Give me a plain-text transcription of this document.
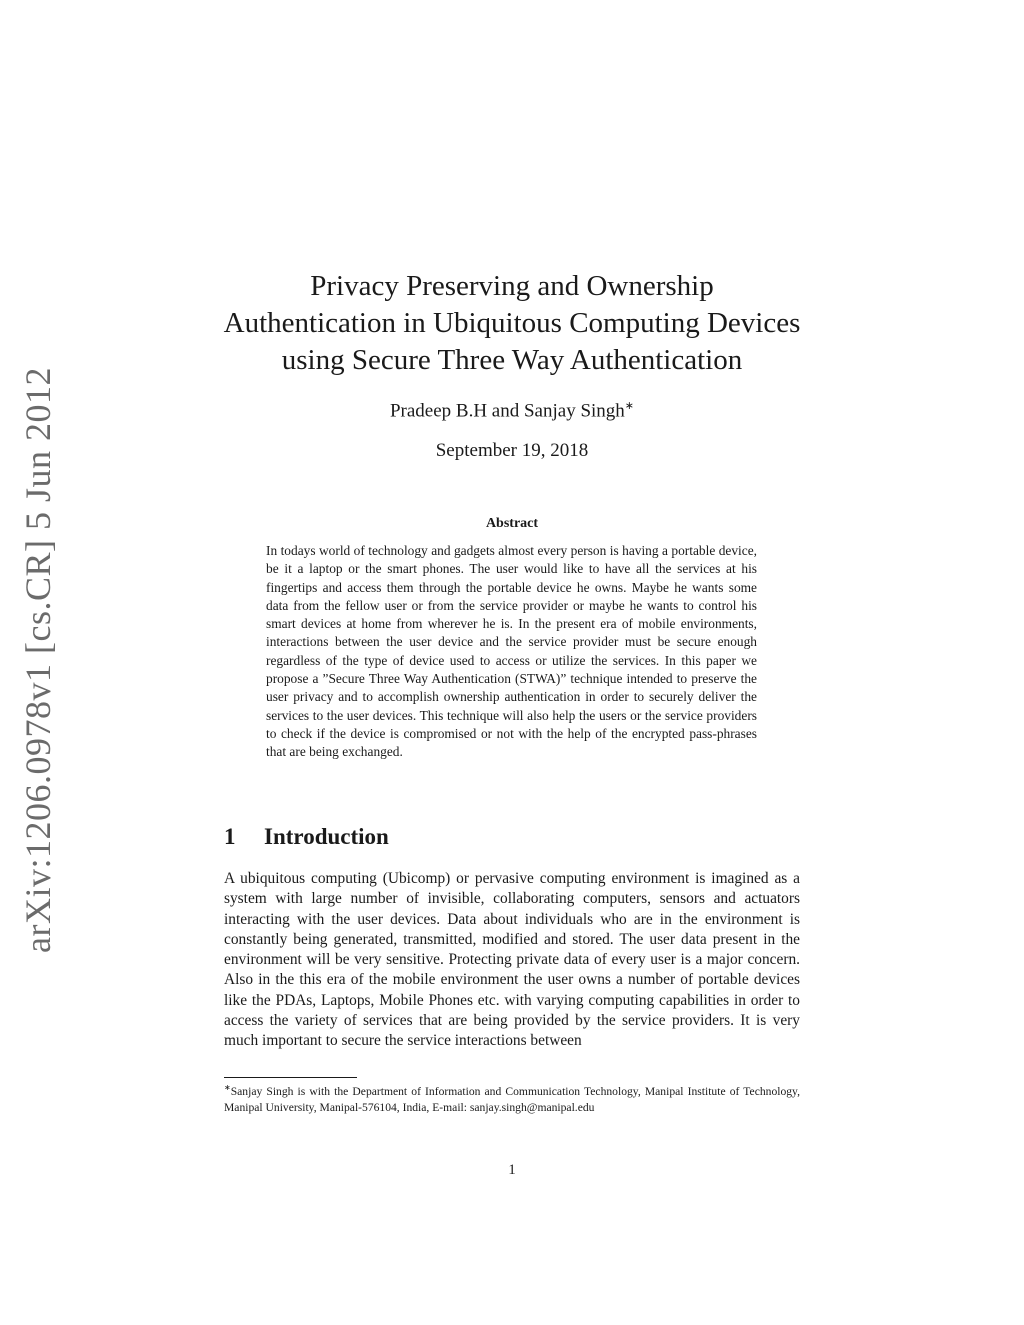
arXiv:1206.0978v1 [cs.CR] 5 Jun 2012
Privacy Preserving and Ownership
Authentication in Ubiquitous Computing Devices
using Secure Three Way Authentication
Pradeep B.H and Sanjay Singh∗
September 19, 2018
Abstract
In todays world of technology and gadgets almost every person is having a portable device, be it a laptop or the smart phones. The user would like to have all the services at his fingertips and access them through the portable device he owns. Maybe he wants some data from the fellow user or from the service provider or maybe he wants to control his smart devices at home from wherever he is. In the present era of mobile environments, interactions between the user device and the service provider must be secure enough regardless of the type of device used to access or utilize the services. In this paper we propose a ”Secure Three Way Authentication (STWA)” technique intended to preserve the user privacy and to accomplish ownership authentication in order to securely deliver the services to the user devices. This technique will also help the users or the service providers to check if the device is compromised or not with the help of the encrypted pass-phrases that are being exchanged.
1 Introduction
A ubiquitous computing (Ubicomp) or pervasive computing environment is imagined as a system with large number of invisible, collaborating computers, sensors and actuators interacting with the user devices. Data about individuals who are in the environment is constantly being generated, transmitted, modified and stored. The user data present in the environment will be very sensitive. Protecting private data of every user is a major concern. Also in the this era of the mobile environment the user owns a number of portable devices like the PDAs, Laptops, Mobile Phones etc. with varying computing capabilities in order to access the variety of services that are being provided by the service providers. It is very much important to secure the service interactions between
∗Sanjay Singh is with the Department of Information and Communication Technology, Manipal Institute of Technology, Manipal University, Manipal-576104, India, E-mail: sanjay.singh@manipal.edu
1
